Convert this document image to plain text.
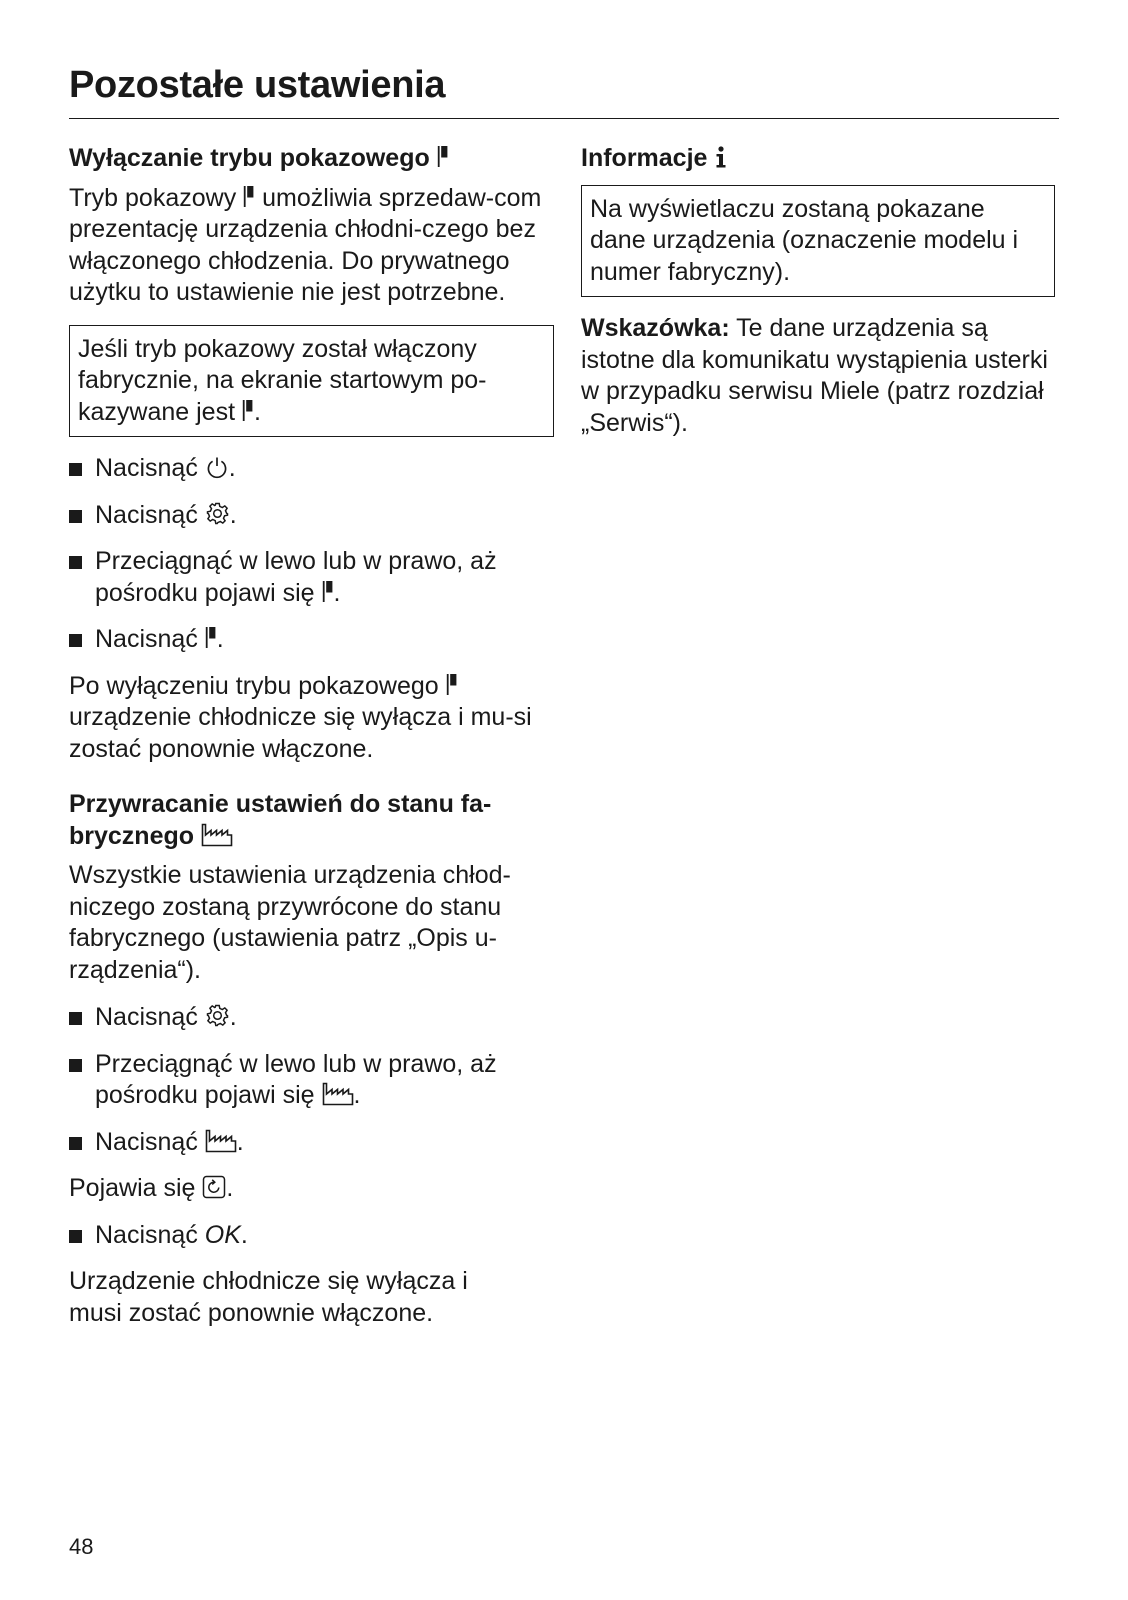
Pozostałe ustawienia
Wyłączanie trybu pokazowego

Tryb pokazowy umożliwia sprzedaw-com prezentację urządzenia chłodni-czego bez włączonego chłodzenia. Do prywatnego użytku to ustawienie nie jest potrzebne.

Jeśli tryb pokazowy został włączony fabrycznie, na ekranie startowym po-kazywane jest .
Nacisnąć .
Nacisnąć .
Przeciągnąć w lewo lub w prawo, aż pośrodku pojawi się .
Nacisnąć .

Po wyłączeniu trybu pokazowego
urządzenie chłodnicze się wyłącza i mu-si zostać ponownie włączone.

Przywracanie ustawień do stanu fa-brycznego

Wszystkie ustawienia urządzenia chłod-niczego zostaną przywrócone do stanu fabrycznego (ustawienia patrz „Opis u-rządzenia“).

Nacisnąć .
Przeciągnąć w lewo lub w prawo, aż pośrodku pojawi się .
Nacisnąć .

Pojawia się .

Nacisnąć OK.

Urządzenie chłodnicze się wyłącza i musi zostać ponownie włączone.

Informacje
Na wyświetlaczu zostaną pokazane dane urządzenia (oznaczenie modelu i numer fabryczny).

Wskazówka: Te dane urządzenia są istotne dla komunikatu wystąpienia usterki w przypadku serwisu Miele (patrz rozdział „Serwis“).

48
